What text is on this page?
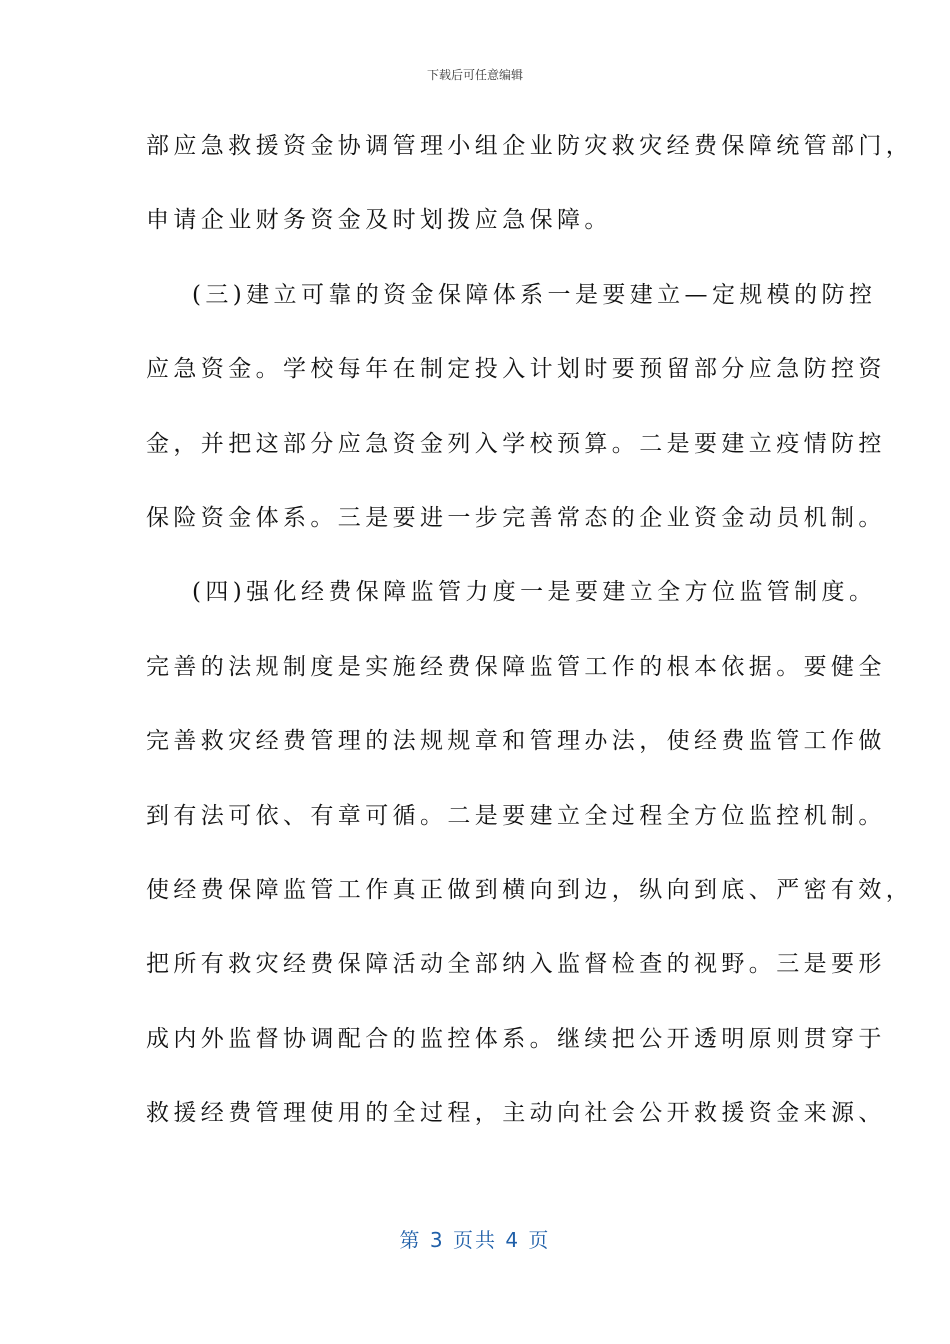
下载后可任意编辑
部应急救援资金协调管理小组企业防灾救灾经费保障统管部门，
申请企业财务资金及时划拨应急保障。
(三)建立可靠的资金保障体系一是要建立—定规模的防控
应急资金。学校每年在制定投入计划时要预留部分应急防控资
金，并把这部分应急资金列入学校预算。二是要建立疫情防控
保险资金体系。三是要进一步完善常态的企业资金动员机制。
(四)强化经费保障监管力度一是要建立全方位监管制度。
完善的法规制度是实施经费保障监管工作的根本依据。要健全
完善救灾经费管理的法规规章和管理办法，使经费监管工作做
到有法可依、有章可循。二是要建立全过程全方位监控机制。
使经费保障监管工作真正做到横向到边，纵向到底、严密有效，
把所有救灾经费保障活动全部纳入监督检查的视野。三是要形
成内外监督协调配合的监控体系。继续把公开透明原则贯穿于
救援经费管理使用的全过程，主动向社会公开救援资金来源、
第 3 页共 4 页
